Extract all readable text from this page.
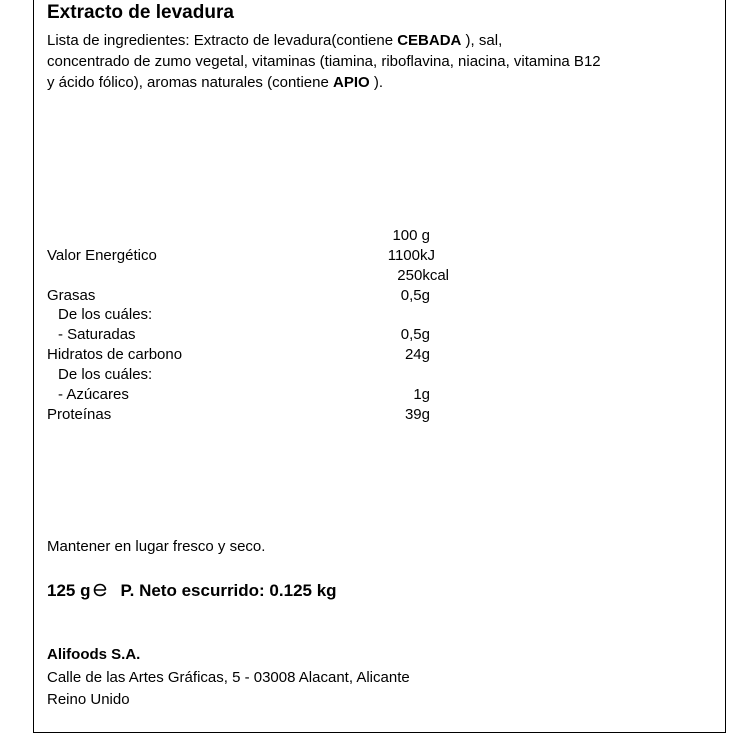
Extracto de levadura
Lista de ingredientes: Extracto de levadura(contiene CEBADA ), sal,
concentrado de zumo vegetal, vitaminas (tiamina, riboflavina, niacina, vitamina B12
y ácido fólico), aromas naturales (contiene APIO ).
100 g
Valor Energético	1100kJ
250kcal
Grasas	0,5g
De los cuáles:
- Saturadas	0,5g
Hidratos de carbono	24g
De los cuáles:
- Azúcares	1g
Proteínas	39g
Mantener en lugar fresco y seco.
125 g P. Neto escurrido: 0.125 kg
Alifoods S.A.
Calle de las Artes Gráficas, 5 - 03008 Alacant, Alicante
Reino Unido
